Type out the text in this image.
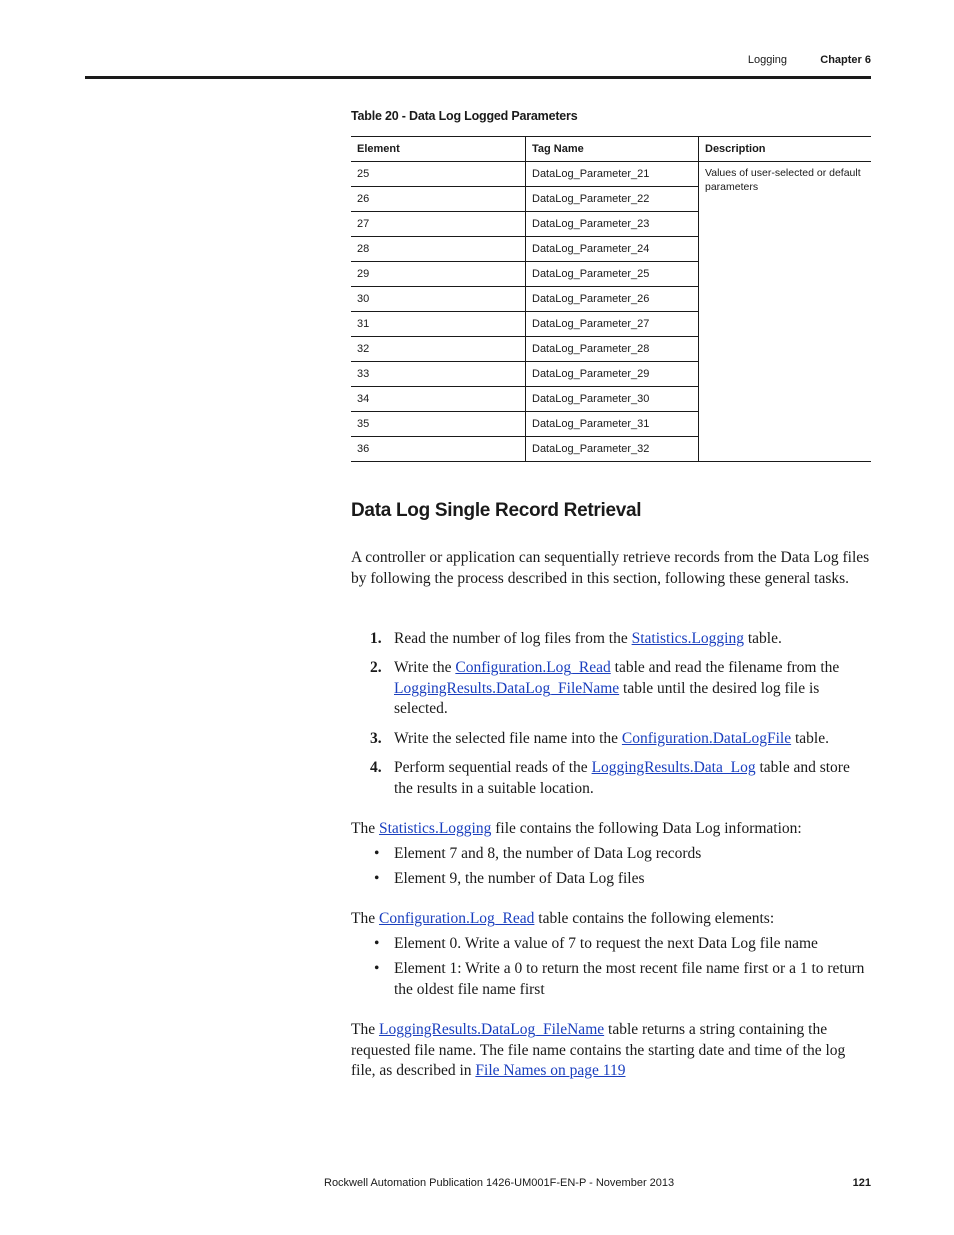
Logging	Chapter 6
Table 20 - Data Log Logged Parameters
Element	Tag Name	Description
25	DataLog_Parameter_21	Values of user-selected or default parameters
26	DataLog_Parameter_22	
27	DataLog_Parameter_23	
28	DataLog_Parameter_24	
29	DataLog_Parameter_25	
30	DataLog_Parameter_26	
31	DataLog_Parameter_27	
32	DataLog_Parameter_28	
33	DataLog_Parameter_29	
34	DataLog_Parameter_30	
35	DataLog_Parameter_31	
36	DataLog_Parameter_32	
Data Log Single Record Retrieval
A controller or application can sequentially retrieve records from the Data Log files by following the process described in this section, following these general tasks.
1. Read the number of log files from the Statistics.Logging table.
2. Write the Configuration.Log_Read table and read the filename from the LoggingResults.DataLog_FileName table until the desired log file is selected.
3. Write the selected file name into the Configuration.DataLogFile table.
4. Perform sequential reads of the LoggingResults.Data_Log table and store the results in a suitable location.
The Statistics.Logging file contains the following Data Log information:
• Element 7 and 8, the number of Data Log records
• Element 9, the number of Data Log files
The Configuration.Log_Read table contains the following elements:
• Element 0. Write a value of 7 to request the next Data Log file name
• Element 1: Write a 0 to return the most recent file name first or a 1 to return the oldest file name first
The LoggingResults.DataLog_FileName table returns a string containing the requested file name. The file name contains the starting date and time of the log file, as described in File Names on page 119
Rockwell Automation Publication 1426-UM001F-EN-P - November 2013	121
